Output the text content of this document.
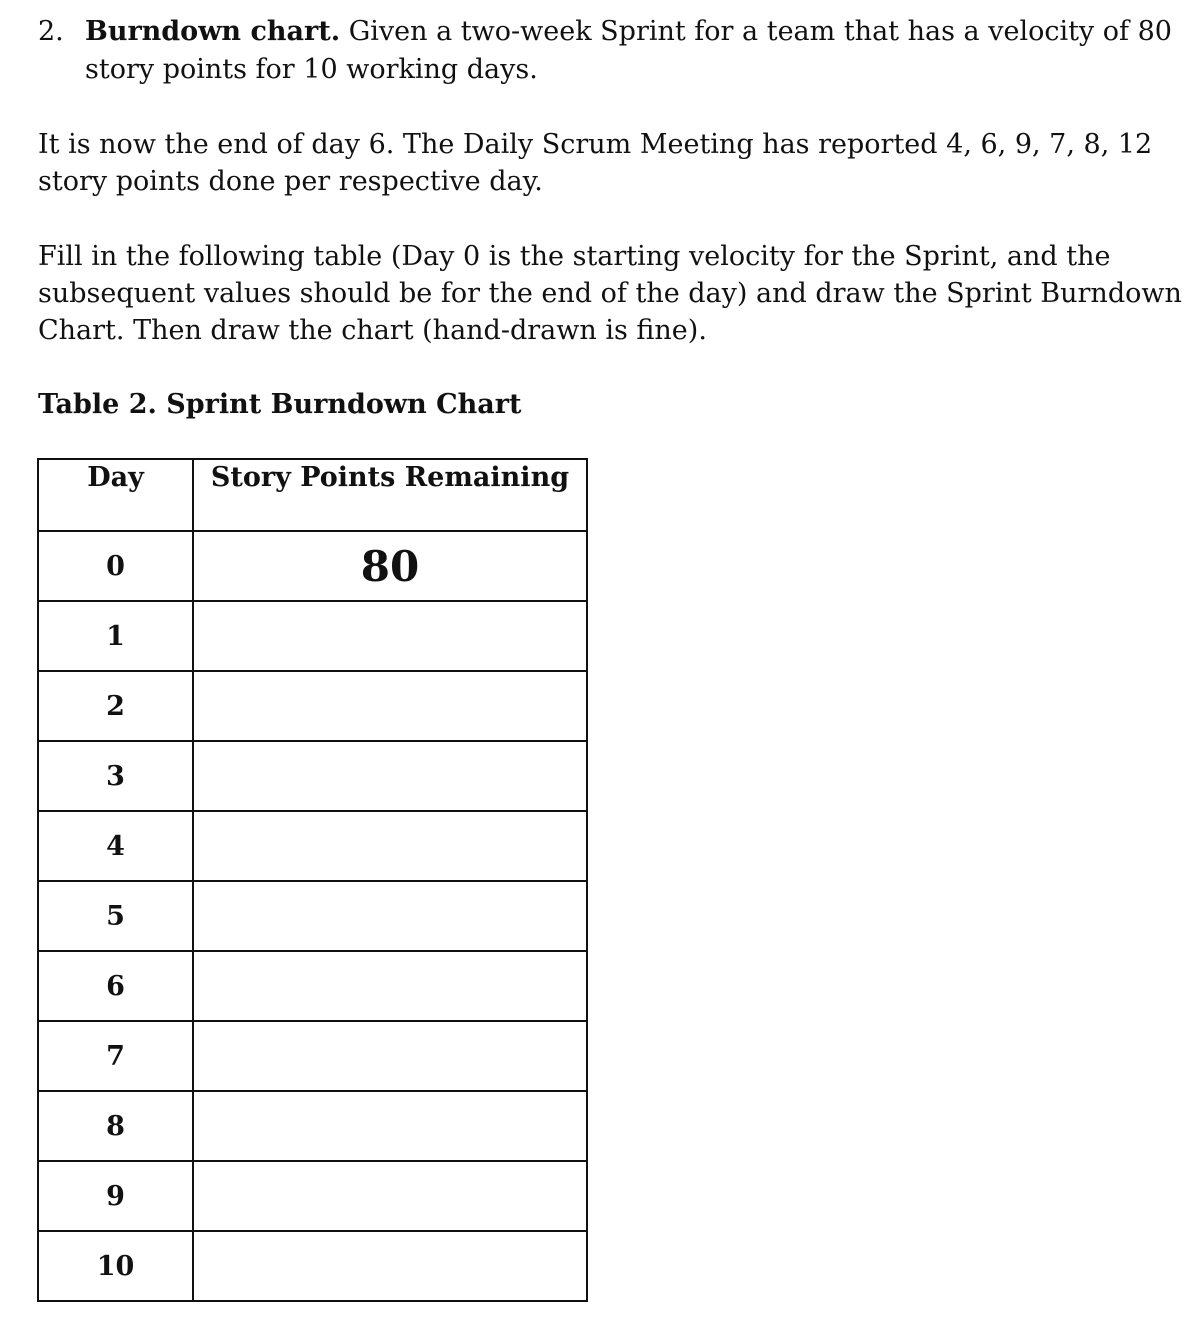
2. Burndown chart. Given a two-week Sprint for a team that has a velocity of 80
story points for 10 working days.
It is now the end of day 6. The Daily Scrum Meeting has reported 4, 6, 9, 7, 8, 12
story points done per respective day.
Fill in the following table (Day 0 is the starting velocity for the Sprint, and the
subsequent values should be for the end of the day) and draw the Sprint Burndown
Chart. Then draw the chart (hand-drawn is fine).
Table 2. Sprint Burndown Chart
Day	Story Points Remaining
0	80
1	
2	
3	
4	
5	
6	
7	
8	
9	
10	
